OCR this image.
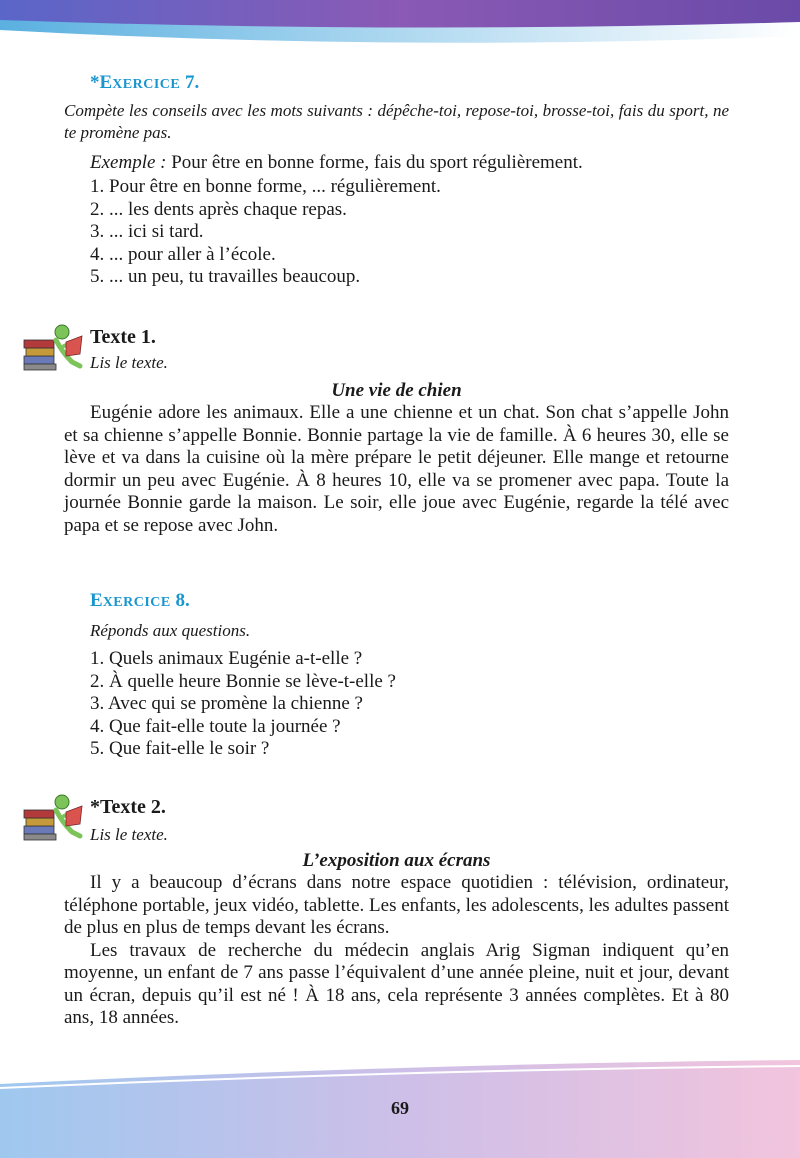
*EXERCICE 7.
Compète les conseils avec les mots suivants : dépêche-toi, repose-toi, brosse-toi, fais du sport, ne te promène pas.
Exemple : Pour être en bonne forme, fais du sport régulièrement.
1. Pour être en bonne forme, ... régulièrement.
2. ... les dents après chaque repas.
3. ... ici si tard.
4. ... pour aller à l’école.
5. ... un peu, tu travailles beaucoup.
Texte 1.
Lis le texte.
Une vie de chien
Eugénie adore les animaux. Elle a une chienne et un chat. Son chat s’appelle John et sa chienne s’appelle Bonnie. Bonnie partage la vie de famille. À 6 heures 30, elle se lève et va dans la cuisine où la mère prépare le petit déjeuner. Elle mange et retourne dormir un peu avec Eugénie. À 8 heures 10, elle va se promener avec papa. Toute la journée Bonnie garde la maison. Le soir, elle joue avec Eugénie, regarde la télé avec papa et se repose avec John.
EXERCICE 8.
Réponds aux questions.
1. Quels animaux Eugénie a-t-elle ?
2. À quelle heure Bonnie se lève-t-elle ?
3. Avec qui se promène la chienne ?
4. Que fait-elle toute la journée ?
5. Que fait-elle le soir ?
*Texte 2.
Lis le texte.
L’exposition aux écrans
Il y a beaucoup d’écrans dans notre espace quotidien : télévision, ordinateur, téléphone portable, jeux vidéo, tablette. Les enfants, les adolescents, les adultes passent de plus en plus de temps devant les écrans.
Les travaux de recherche du médecin anglais Arig Sigman indiquent qu’en moyenne, un enfant de 7 ans passe l’équivalent d’une année pleine, nuit et jour, devant un écran, depuis qu’il est né ! À 18 ans, cela représente 3 années complètes. Et à 80 ans, 18 années.
69
